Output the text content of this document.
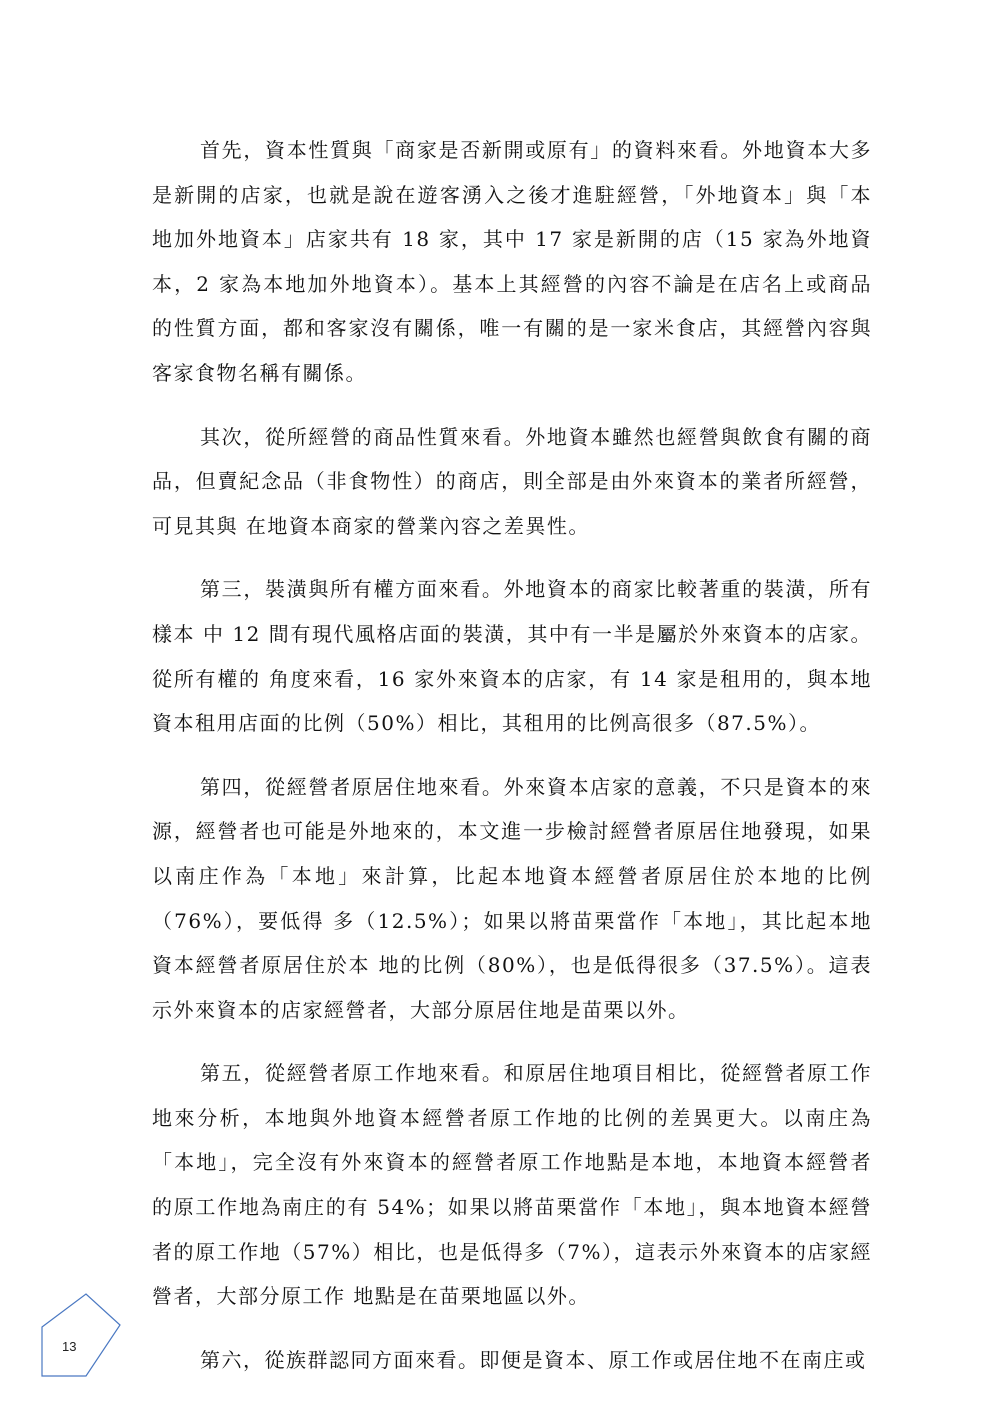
首先，資本性質與「商家是否新開或原有」的資料來看。外地資本大多是新開的店家，也就是說在遊客湧入之後才進駐經營，「外地資本」與「本地加外地資本」店家共有 18 家，其中 17 家是新開的店（15 家為外地資本，2 家為本地加外地資本）。基本上其經營的內容不論是在店名上或商品的性質方面，都和客家沒有關係，唯一有關的是一家米食店，其經營內容與客家食物名稱有關係。

其次，從所經營的商品性質來看。外地資本雖然也經營與飲食有關的商品，但賣紀念品（非食物性）的商店，則全部是由外來資本的業者所經營，可見其與 在地資本商家的營業內容之差異性。

第三，裝潢與所有權方面來看。外地資本的商家比較著重的裝潢，所有樣本 中 12 間有現代風格店面的裝潢，其中有一半是屬於外來資本的店家。從所有權的 角度來看，16 家外來資本的店家，有 14 家是租用的，與本地資本租用店面的比例（50%）相比，其租用的比例高很多（87.5%）。

第四，從經營者原居住地來看。外來資本店家的意義，不只是資本的來源，經營者也可能是外地來的，本文進一步檢討經營者原居住地發現，如果以南庄作為「本地」來計算，比起本地資本經營者原居住於本地的比例（76%），要低得 多（12.5%）；如果以將苗栗當作「本地」，其比起本地資本經營者原居住於本 地的比例（80%），也是低得很多（37.5%）。這表示外來資本的店家經營者，大部分原居住地是苗栗以外。

第五，從經營者原工作地來看。和原居住地項目相比，從經營者原工作地來分析，本地與外地資本經營者原工作地的比例的差異更大。以南庄為「本地」，完全沒有外來資本的經營者原工作地點是本地，本地資本經營者的原工作地為南庄的有 54%；如果以將苗栗當作「本地」，與本地資本經營者的原工作地（57%）相比，也是低得多（7%），這表示外來資本的店家經營者，大部分原工作 地點是在苗栗地區以外。

第六，從族群認同方面來看。即便是資本、原工作或居住地不在南庄或

13
